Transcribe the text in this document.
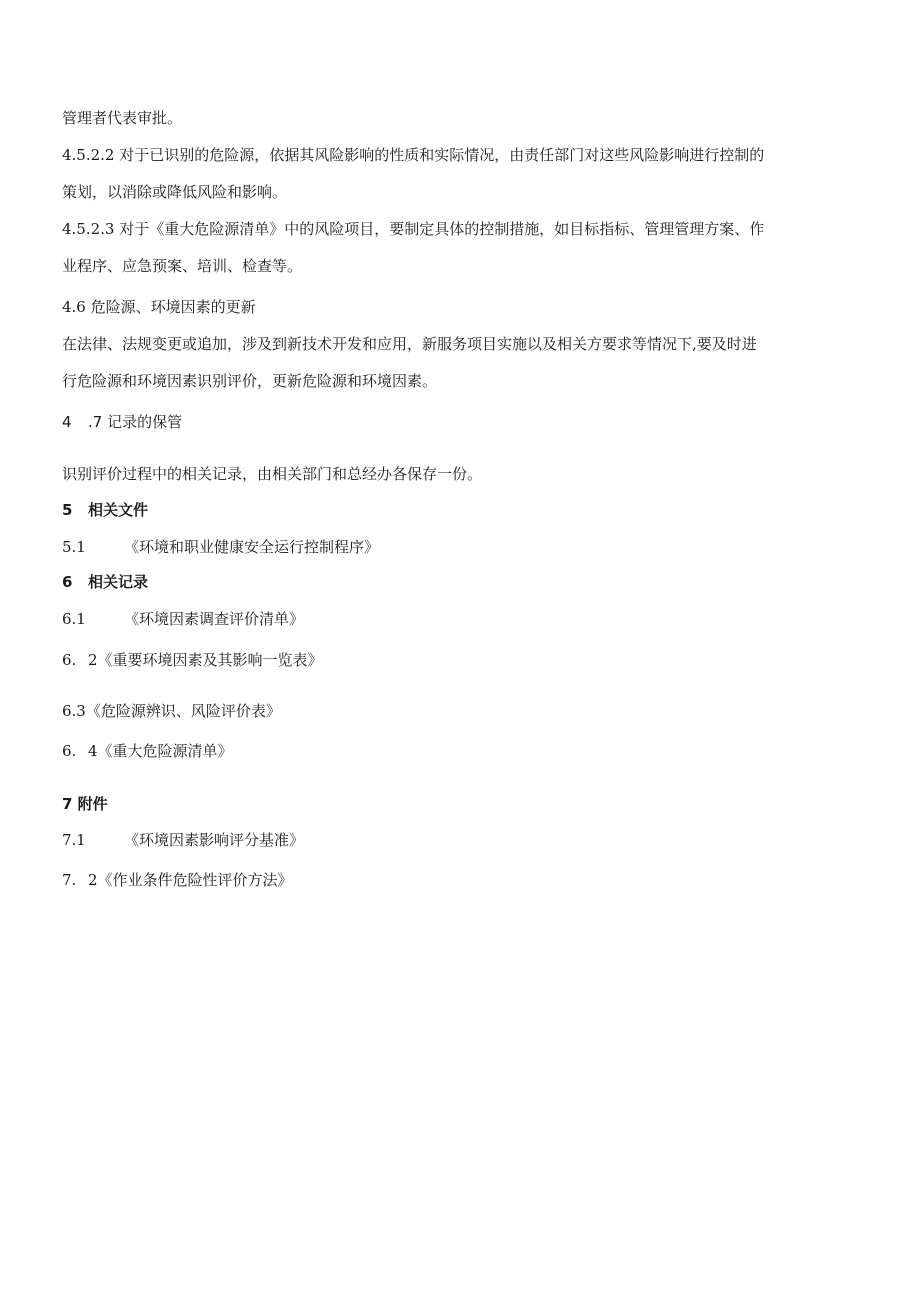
管理者代表审批。

4.5.2.2 对于已识别的危险源，依据其风险影响的性质和实际情况，由责任部门对这些风险影响进行控制的

策划，以消除或降低风险和影响。

4.5.2.3 对于《重大危险源清单》中的风险项目，要制定具体的控制措施，如目标指标、管理管理方案、作

业程序、应急预案、培训、检查等。

4.6 危险源、环境因素的更新

在法律、法规变更或追加，涉及到新技术开发和应用，新服务项目实施以及相关方要求等情况下,要及时进

行危险源和环境因素识别评价，更新危险源和环境因素。

4 .7 记录的保管

识别评价过程中的相关记录，由相关部门和总经办各保存一份。

5 相关文件

5.1	《环境和职业健康安全运行控制程序》

6 相关记录

6.1	《环境因素调查评价清单》

6. 2《重要环境因素及其影响一览表》

6.3《危险源辨识、风险评价表》

6. 4《重大危险源清单》

7 附件

7.1	《环境因素影响评分基准》

7. 2《作业条件危险性评价方法》
